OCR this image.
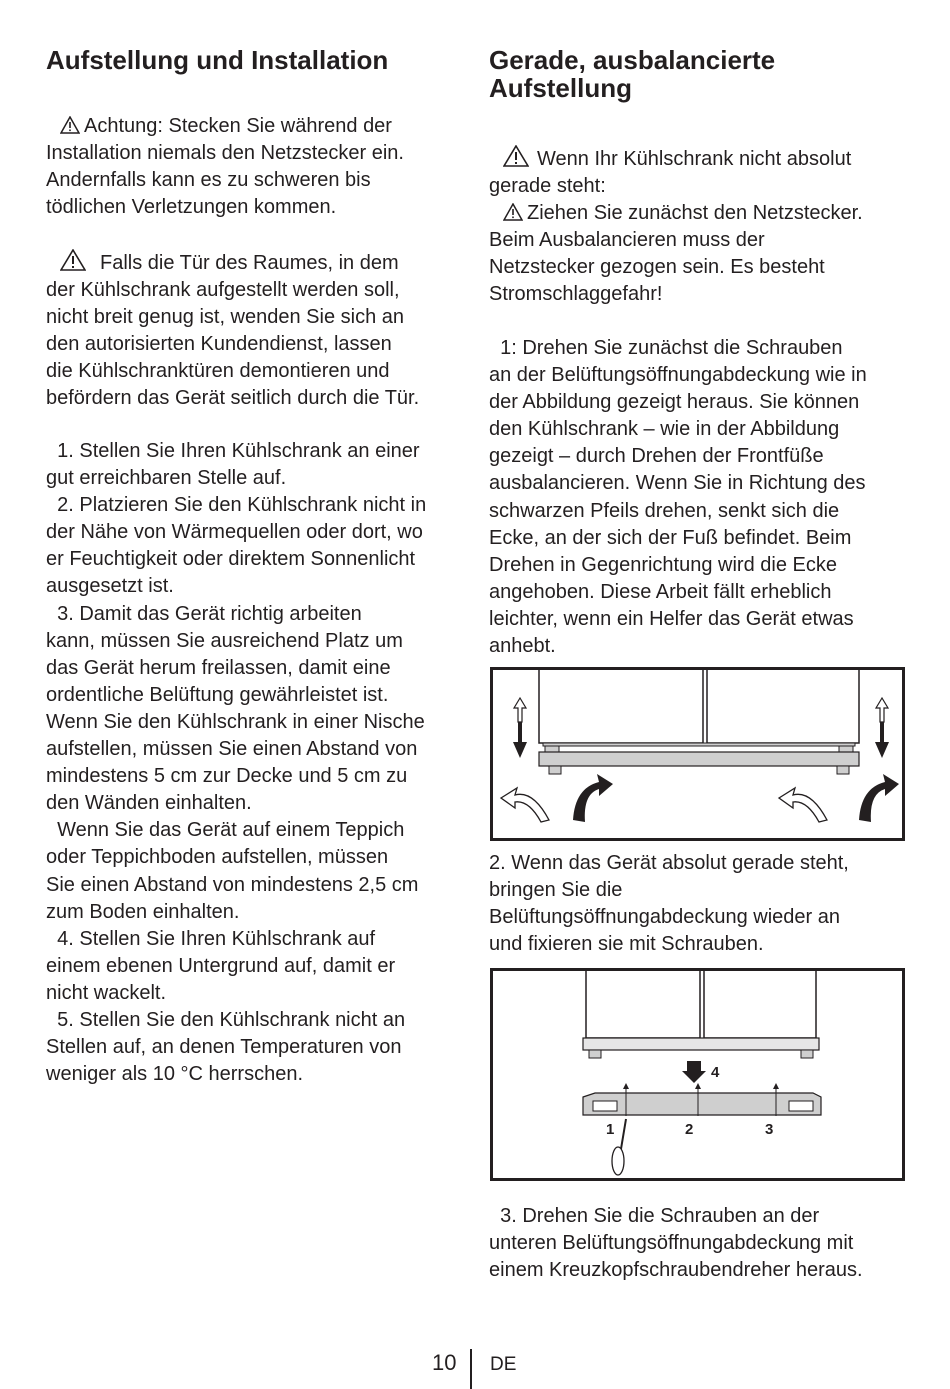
Aufstellung und Installation
Achtung: Stecken Sie während der
Installation niemals den Netzstecker ein.
Andernfalls kann es zu schweren bis
tödlichen Verletzungen kommen.
Falls die Tür des Raumes, in dem
der Kühlschrank aufgestellt werden soll,
nicht breit genug ist, wenden Sie sich an
den autorisierten Kundendienst, lassen
die Kühlschranktüren demontieren und
befördern das Gerät seitlich durch die Tür.
1. Stellen Sie Ihren Kühlschrank an einer
gut erreichbaren Stelle auf.
2. Platzieren Sie den Kühlschrank nicht in
der Nähe von Wärmequellen oder dort, wo
er Feuchtigkeit oder direktem Sonnenlicht
ausgesetzt ist.
3. Damit das Gerät richtig arbeiten
kann, müssen Sie ausreichend Platz um
das Gerät herum freilassen, damit eine
ordentliche Belüftung gewährleistet ist.
Wenn Sie den Kühlschrank in einer Nische
aufstellen, müssen Sie einen Abstand von
mindestens 5 cm zur Decke und 5 cm zu
den Wänden einhalten.
Wenn Sie das Gerät auf einem Teppich
oder Teppichboden aufstellen, müssen
Sie einen Abstand von mindestens 2,5 cm
zum Boden einhalten.
4. Stellen Sie Ihren Kühlschrank auf
einem ebenen Untergrund auf, damit er
nicht wackelt.
5. Stellen Sie den Kühlschrank nicht an
Stellen auf, an denen Temperaturen von
weniger als 10 °C herrschen.
Gerade, ausbalancierte
Aufstellung
Wenn Ihr Kühlschrank nicht absolut
gerade steht:
Ziehen Sie zunächst den Netzstecker.
Beim Ausbalancieren muss der
Netzstecker gezogen sein. Es besteht
Stromschlaggefahr!
1: Drehen Sie zunächst die Schrauben
an der Belüftungsöffnungabdeckung wie in
der Abbildung gezeigt heraus. Sie können
den Kühlschrank – wie in der Abbildung
gezeigt – durch Drehen der Frontfüße
ausbalancieren. Wenn Sie in Richtung des
schwarzen Pfeils drehen, senkt sich die
Ecke, an der sich der Fuß befindet. Beim
Drehen in Gegenrichtung wird die Ecke
angehoben. Diese Arbeit fällt erheblich
leichter, wenn ein Helfer das Gerät etwas
anhebt.
2. Wenn das Gerät absolut gerade steht,
bringen Sie die
Belüftungsöffnungabdeckung wieder an
und fixieren sie mit Schrauben.
4
1	2	3
3. Drehen Sie die Schrauben an der
unteren Belüftungsöffnungabdeckung mit
einem Kreuzkopfschraubendreher heraus.
10 DE
